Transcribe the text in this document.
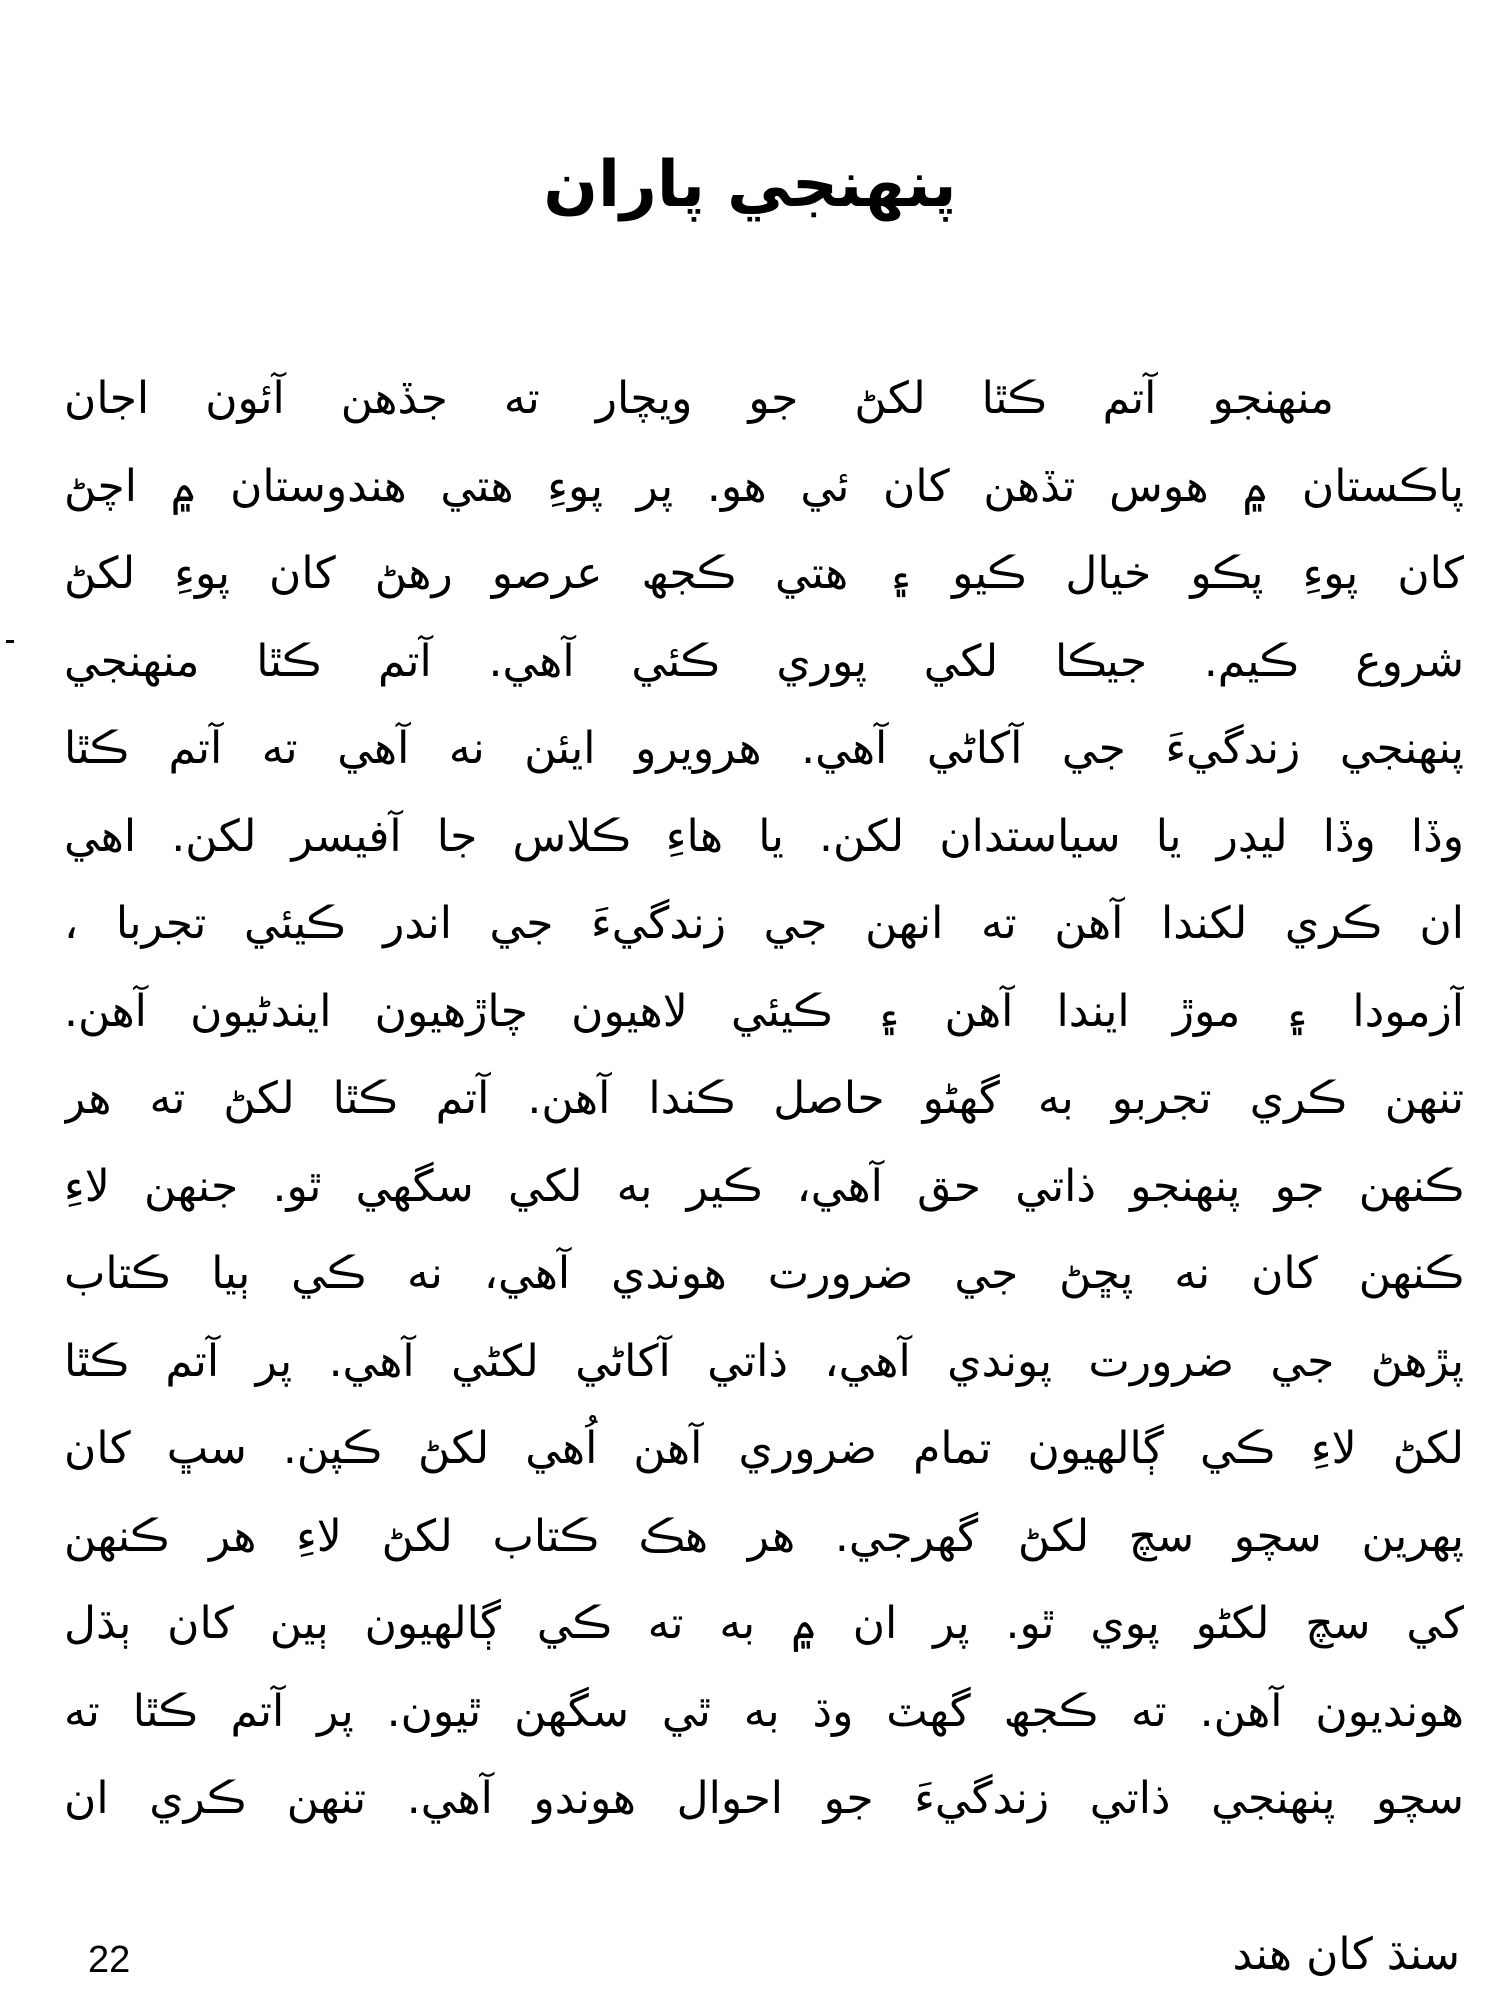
پنهنجي پاران
منهنجو آتم ڪٿا لکڻ جو ويچار ته جڏهن آئون اجان
پاڪستان ۾ هوس تڏهن کان ئي هو. پر پوءِ هتي هندوستان ۾ اچڻ
کان پوءِ پڪو خيال ڪيو ۽ هتي ڪجھ عرصو رهڻ کان پوءِ لکڻ
شروع ڪيم. جيڪا لکي پوري ڪئي آهي. آتم ڪٿا منهنجي
پنهنجي زندگيءَ جي آکاڻي آهي. هرويرو ايئن نه آهي ته آتم ڪٿا
وڏا وڏا ليڊر يا سياستدان لکن. يا هاءِ ڪلاس جا آفيسر لکن. اهي
ان ڪري لکندا آهن ته انهن جي زندگيءَ جي اندر ڪيئي تجربا ،
آزمودا ۽ موڙ ايندا آهن ۽ ڪيئي لاهيون چاڙهيون ايندڻيون آهن.
تنهن ڪري تجربو به گهڻو حاصل ڪندا آهن. آتم ڪٿا لکڻ ته هر
ڪنهن جو پنهنجو ذاتي حق آهي، ڪير به لکي سگهي ٿو. جنهن لاءِ
ڪنهن کان نه پڇڻ جي ضرورت هوندي آهي، نه ڪي ٻيا ڪتاب
پڙهڻ جي ضرورت پوندي آهي، ذاتي آکاڻي لکڻي آهي. پر آتم ڪٿا
لکڻ لاءِ ڪي ڳالهيون تمام ضروري آهن اُهي لکڻ ڪپن. سڀ کان
پهرين سچو سچ لکڻ گهرجي. هر هڪ ڪتاب لکڻ لاءِ هر ڪنهن
کي سچ لکڻو پوي ٿو. پر ان ۾ به ته ڪي ڳالهيون ٻين کان ٻڌل
هونديون آهن. ته ڪجھ گهٽ وڌ به ٿي سگهن ٿيون. پر آتم ڪٿا ته
سچو پنهنجي ذاتي زندگيءَ جو احوال هوندو آهي. تنهن ڪري ان
22	سنڌ کان هند
